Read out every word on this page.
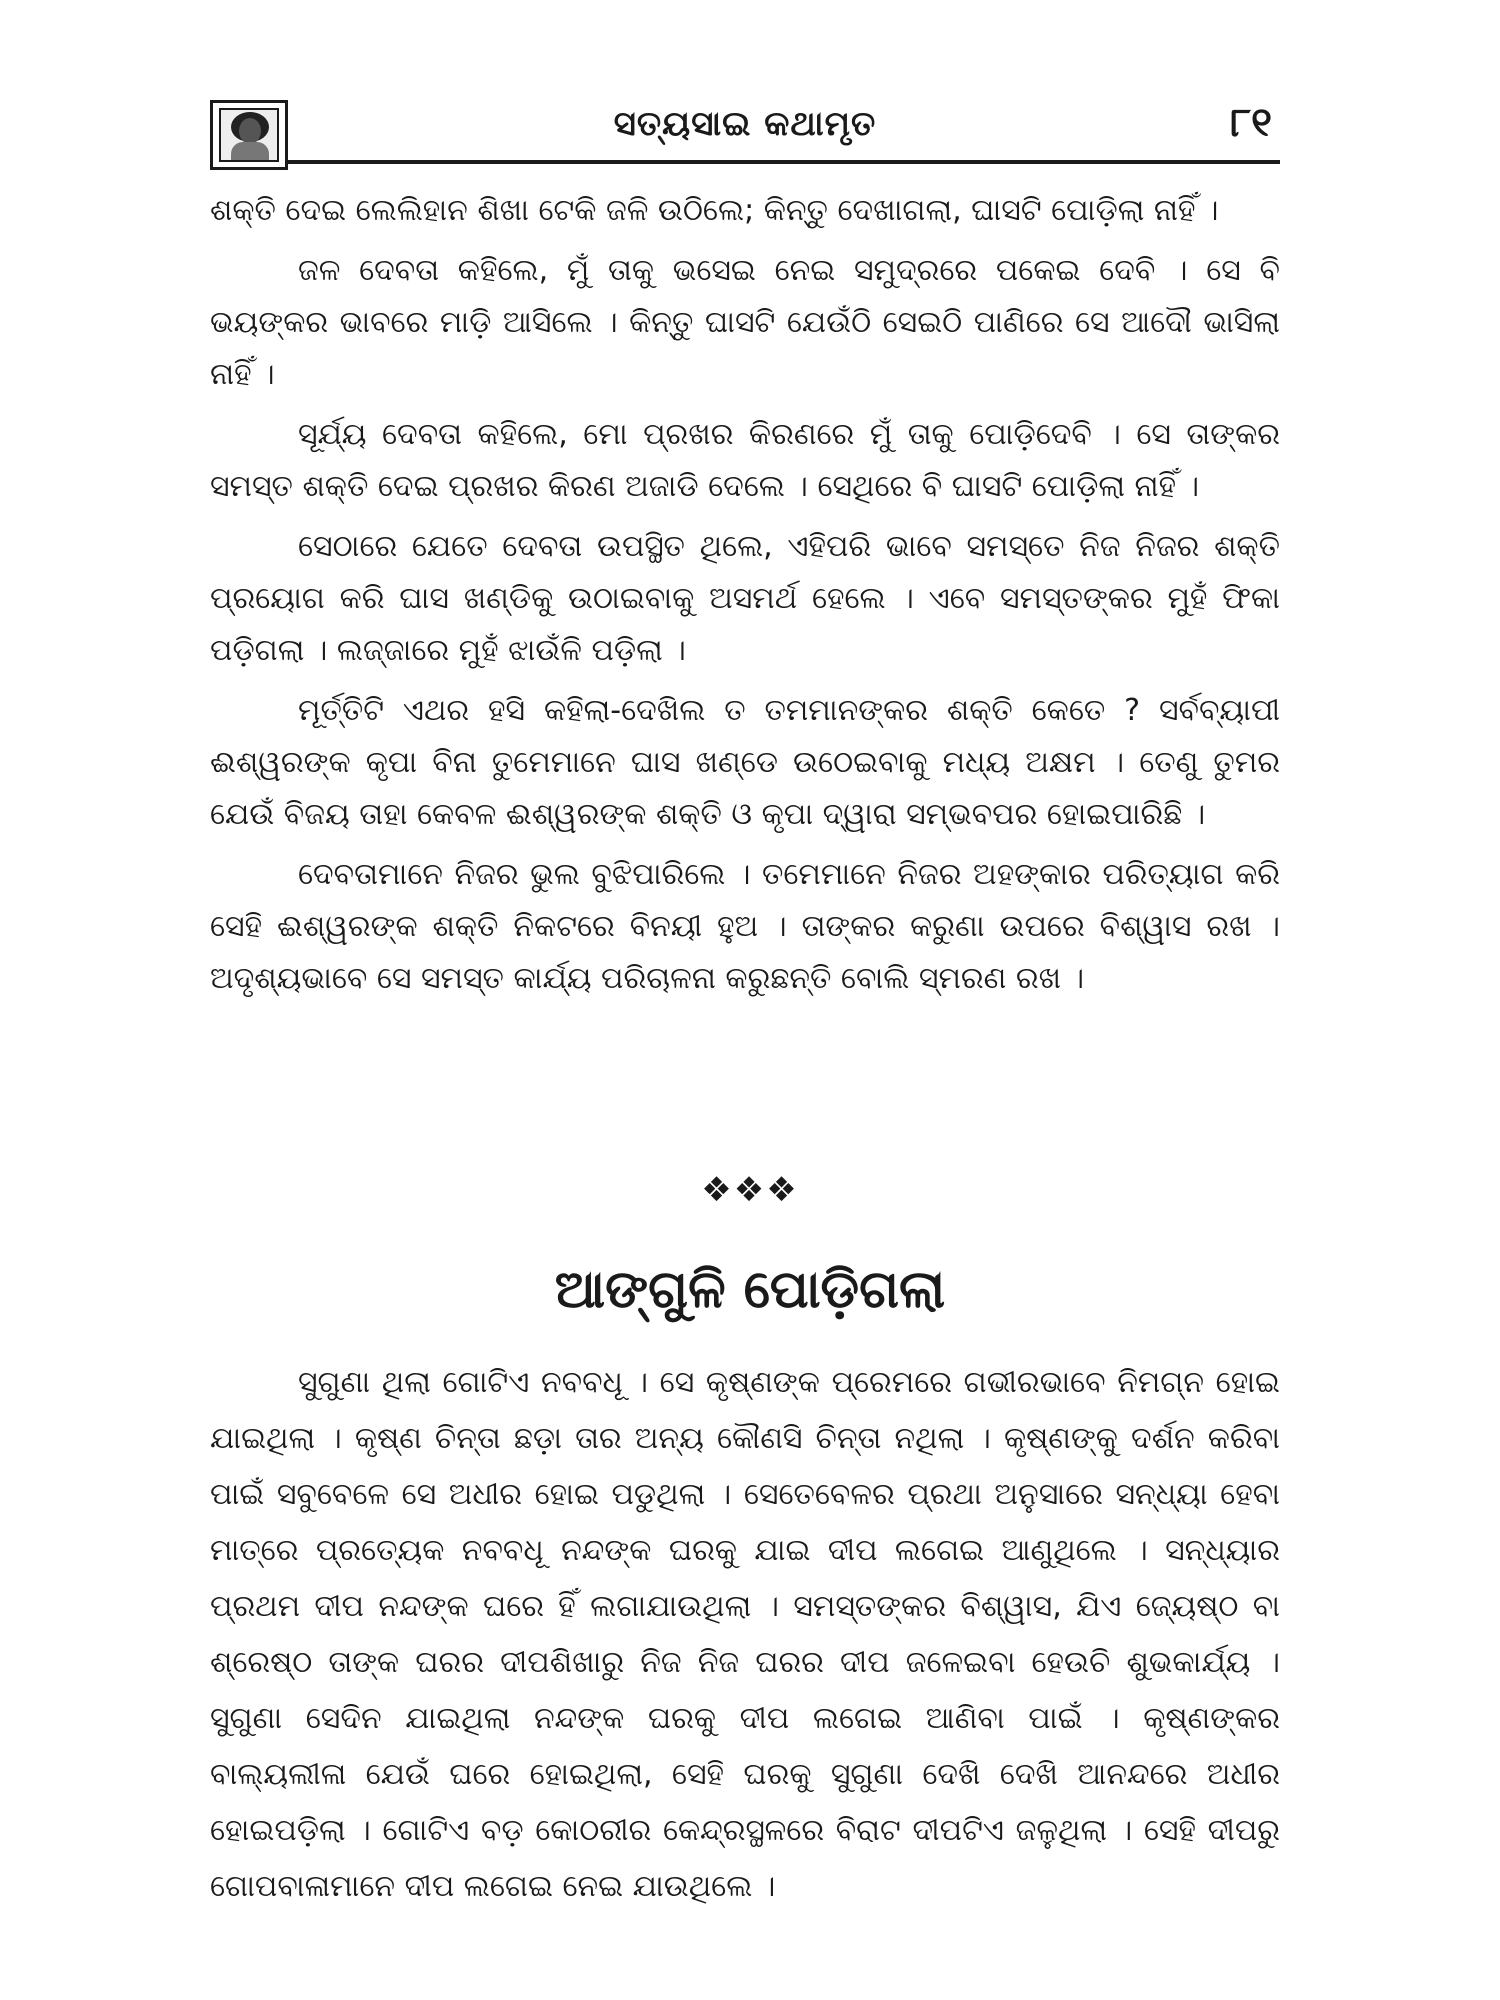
ସତ୍ୟସାଇ କଥାମୃତ	୮୧

ଶକ୍ତି ଦେଇ ଲେଲିହାନ ଶିଖା ଟେକି ଜଳି ଉଠିଲେ; କିନ୍ତୁ ଦେଖାଗଲା, ଘାସଟି ପୋଡ଼ିଲା ନାହିଁ ।

ଜଳ ଦେବତା କହିଲେ, ମୁଁ ତାକୁ ଭସେଇ ନେଇ ସମୁଦ୍ରରେ ପକେଇ ଦେବି । ସେ ବି ଭୟଙ୍କର ଭାବରେ ମାଡ଼ି ଆସିଲେ । କିନ୍ତୁ ଘାସଟି ଯେଉଁଠି ସେଇଠି ପାଣିରେ ସେ ଆଦୌ ଭାସିଲା ନାହିଁ ।

ସୂର୍ଯ୍ୟ ଦେବତା କହିଲେ, ମୋ ପ୍ରଖର କିରଣରେ ମୁଁ ତାକୁ ପୋଡ଼ିଦେବି । ସେ ତାଙ୍କର ସମସ୍ତ ଶକ୍ତି ଦେଇ ପ୍ରଖର କିରଣ ଅଜାଡି ଦେଲେ । ସେଥିରେ ବି ଘାସଟି ପୋଡ଼ିଲା ନାହିଁ ।

ସେଠାରେ ଯେତେ ଦେବତା ଉପସ୍ଥିତ ଥିଲେ, ଏହିପରି ଭାବେ ସମସ୍ତେ ନିଜ ନିଜର ଶକ୍ତି ପ୍ରୟୋଗ କରି ଘାସ ଖଣ୍ଡିକୁ ଉଠାଇବାକୁ ଅସମର୍ଥ ହେଲେ । ଏବେ ସମସ୍ତଙ୍କର ମୁହଁ ଫିକା ପଡ଼ିଗଲା । ଲଜ୍ଜାରେ ମୁହଁ ଝାଉଁଳି ପଡ଼ିଲା ।

ମୂର୍ତ୍ତିଟି ଏଥର ହସି କହିଲା-ଦେଖିଲ ତ ତମମାନଙ୍କର ଶକ୍ତି କେତେ ? ସର୍ବବ୍ୟାପୀ ଈଶ୍ୱରଙ୍କ କୃପା ବିନା ତୁମେମାନେ ଘାସ ଖଣ୍ଡେ ଉଠେଇବାକୁ ମଧ୍ୟ ଅକ୍ଷମ । ତେଣୁ ତୁମର ଯେଉଁ ବିଜୟ ତାହା କେବଳ ଈଶ୍ୱରଙ୍କ ଶକ୍ତି ଓ କୃପା ଦ୍ୱାରା ସମ୍ଭବପର ହୋଇପାରିଛି ।

ଦେବତାମାନେ ନିଜର ଭୁଲ ବୁଝିପାରିଲେ । ତମେମାନେ ନିଜର ଅହଙ୍କାର ପରିତ୍ୟାଗ କରି ସେହି ଈଶ୍ୱରଙ୍କ ଶକ୍ତି ନିକଟରେ ବିନୟୀ ହୁଅ । ତାଙ୍କର କରୁଣା ଉପରେ ବିଶ୍ୱାସ ରଖ । ଅଦୃଶ୍ୟଭାବେ ସେ ସମସ୍ତ କାର୍ଯ୍ୟ ପରିଚାଳନା କରୁଛନ୍ତି ବୋଲି ସ୍ମରଣ ରଖ ।

❖❖❖
ଆଙ୍ଗୁଳି ପୋଡ଼ିଗଲା

ସୁଗୁଣା ଥିଲା ଗୋଟିଏ ନବବଧୂ । ସେ କୃଷ୍ଣଙ୍କ ପ୍ରେମରେ ଗଭୀରଭାବେ ନିମଗ୍ନ ହୋଇ ଯାଇଥିଲା । କୃଷ୍ଣ ଚିନ୍ତା ଛଡ଼ା ତାର ଅନ୍ୟ କୌଣସି ଚିନ୍ତା ନଥିଲା । କୃଷ୍ଣଙ୍କୁ ଦର୍ଶନ କରିବା ପାଇଁ ସବୁବେଳେ ସେ ଅଧୀର ହୋଇ ପଡୁଥିଲା । ସେତେବେଳର ପ୍ରଥା ଅନୁସାରେ ସନ୍ଧ୍ୟା ହେବା ମାତ୍ରେ ପ୍ରତ୍ୟେକ ନବବଧୂ ନନ୍ଦଙ୍କ ଘରକୁ ଯାଇ ଦୀପ ଲଗେଇ ଆଣୁଥିଲେ । ସନ୍ଧ୍ୟାର ପ୍ରଥମ ଦୀପ ନନ୍ଦଙ୍କ ଘରେ ହିଁ ଲଗାଯାଉଥିଲା । ସମସ୍ତଙ୍କର ବିଶ୍ୱାସ, ଯିଏ ଜ୍ୟେଷ୍ଠ ବା ଶ୍ରେଷ୍ଠ ତାଙ୍କ ଘରର ଦୀପଶିଖାରୁ ନିଜ ନିଜ ଘରର ଦୀପ ଜଳେଇବା ହେଉଚି ଶୁଭକାର୍ଯ୍ୟ । ସୁଗୁଣା ସେଦିନ ଯାଇଥିଲା ନନ୍ଦଙ୍କ ଘରକୁ ଦୀପ ଲଗେଇ ଆଣିବା ପାଇଁ । କୃଷ୍ଣଙ୍କର ବାଲ୍ୟଲୀଳା ଯେଉଁ ଘରେ ହୋଇଥିଲା, ସେହି ଘରକୁ ସୁଗୁଣା ଦେଖି ଦେଖି ଆନନ୍ଦରେ ଅଧୀର ହୋଇପଡ଼ିଲା । ଗୋଟିଏ ବଡ଼ କୋଠରୀର କେନ୍ଦ୍ରସ୍ଥଳରେ ବିରାଟ ଦୀପଟିଏ ଜଳୁଥିଲା । ସେହି ଦୀପରୁ ଗୋପବାଳାମାନେ ଦୀପ ଲଗେଇ ନେଇ ଯାଉଥିଲେ ।
